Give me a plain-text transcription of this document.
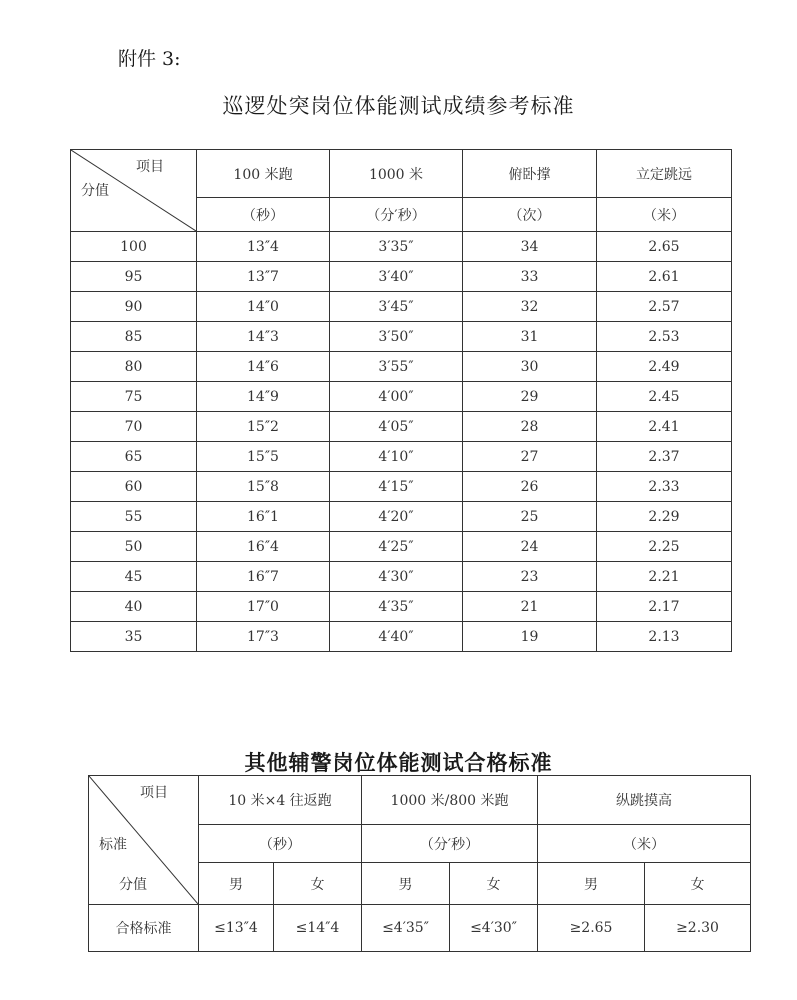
附件 3:
巡逻处突岗位体能测试成绩参考标准
项目
分值	100 米跑	1000 米	俯卧撑	立定跳远
	（秒）	（分′秒）	（次）	（米）
100	13″4	3′35″	34	2.65
95	13″7	3′40″	33	2.61
90	14″0	3′45″	32	2.57
85	14″3	3′50″	31	2.53
80	14″6	3′55″	30	2.49
75	14″9	4′00″	29	2.45
70	15″2	4′05″	28	2.41
65	15″5	4′10″	27	2.37
60	15″8	4′15″	26	2.33
55	16″1	4′20″	25	2.29
50	16″4	4′25″	24	2.25
45	16″7	4′30″	23	2.21
40	17″0	4′35″	21	2.17
35	17″3	4′40″	19	2.13
其他辅警岗位体能测试合格标准
项目
标准
分值	10 米×4 往返跑		1000 米/800 米跑		纵跳摸高	
	（秒）		（分′秒）		（米）	
	男	女	男	女	男	女
合格标准	≤13″4	≤14″4	≤4′35″	≤4′30″	≥2.65	≥2.30
